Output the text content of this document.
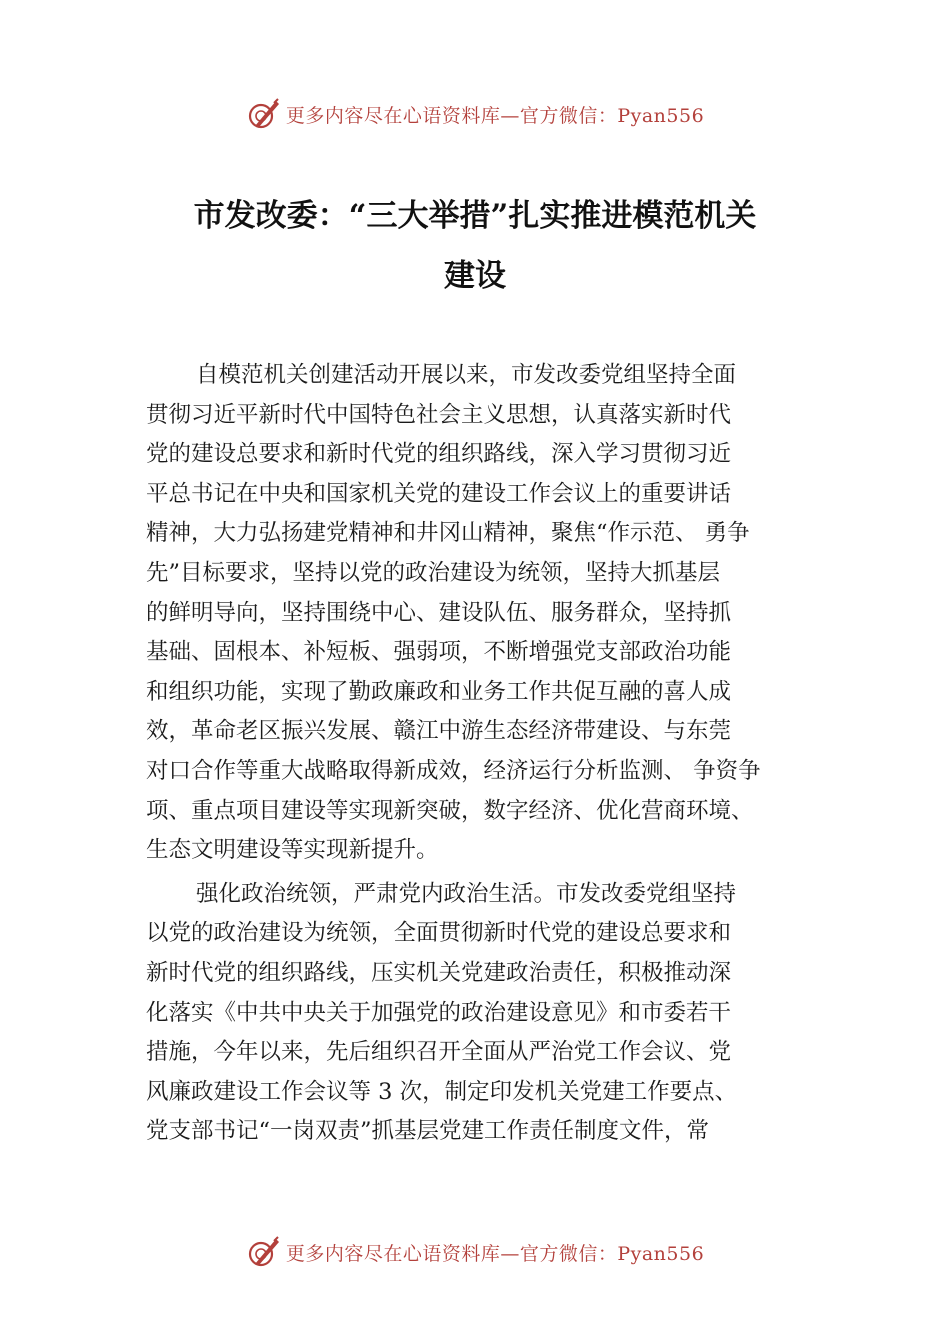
更多内容尽在心语资料库—官方微信：Pyan556
市发改委：“三大举措”扎实推进模范机关
建设
自模范机关创建活动开展以来，市发改委党组坚持全面
贯彻习近平新时代中国特色社会主义思想，认真落实新时代
党的建设总要求和新时代党的组织路线，深入学习贯彻习近
平总书记在中央和国家机关党的建设工作会议上的重要讲话
精神，大力弘扬建党精神和井冈山精神，聚焦“作示范、 勇争
先”目标要求，坚持以党的政治建设为统领，坚持大抓基层
的鲜明导向，坚持围绕中心、建设队伍、服务群众，坚持抓
基础、固根本、补短板、强弱项，不断增强党支部政治功能
和组织功能，实现了勤政廉政和业务工作共促互融的喜人成
效，革命老区振兴发展、赣江中游生态经济带建设、与东莞
对口合作等重大战略取得新成效，经济运行分析监测、 争资争
项、重点项目建设等实现新突破，数字经济、优化营商环境、
生态文明建设等实现新提升。
强化政治统领，严肃党内政治生活。市发改委党组坚持
以党的政治建设为统领，全面贯彻新时代党的建设总要求和
新时代党的组织路线，压实机关党建政治责任，积极推动深
化落实《中共中央关于加强党的政治建设意见》和市委若干
措施，今年以来，先后组织召开全面从严治党工作会议、党
风廉政建设工作会议等 3 次，制定印发机关党建工作要点、
党支部书记“一岗双责”抓基层党建工作责任制度文件，常
更多内容尽在心语资料库—官方微信：Pyan556
